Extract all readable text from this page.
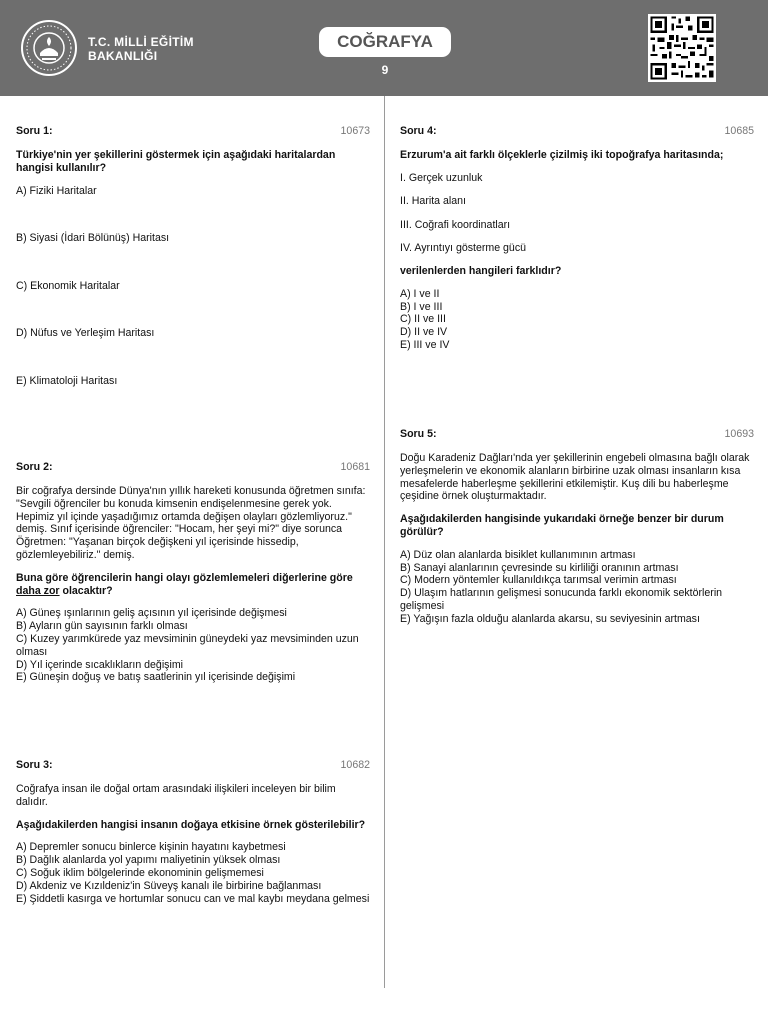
T.C. MİLLİ EĞİTİM
BAKANLIĞI
COĞRAFYA
9
Soru 1:	10673

Türkiye'nin yer şekillerini göstermek için aşağıdaki haritalardan hangisi kullanılır?

A) Fiziki Haritalar
B) Siyasi (İdari Bölünüş) Haritası
C) Ekonomik Haritalar
D) Nüfus ve Yerleşim Haritası
E) Klimatoloji Haritası
Soru 2:	10681

Bir coğrafya dersinde Dünya'nın yıllık hareketi konusunda öğretmen sınıfa: "Sevgili öğrenciler bu konuda kimsenin endişelenmesine gerek yok. Hepimiz yıl içinde yaşadığımız ortamda değişen olayları gözlemliyoruz." demiş. Sınıf içerisinde öğrenciler: "Hocam, her şeyi mi?" diye sorunca Öğretmen: "Yaşanan birçok değişkeni yıl içerisinde hissedip, gözlemleyebiliriz." demiş.

Buna göre öğrencilerin hangi olayı gözlemlemeleri diğerlerine göre daha zor olacaktır?

A) Güneş ışınlarının geliş açısının yıl içerisinde değişmesi
B) Ayların gün sayısının farklı olması
C) Kuzey yarımkürede yaz mevsiminin güneydeki yaz mevsiminden uzun olması
D) Yıl içerinde sıcaklıkların değişimi
E) Güneşin doğuş ve batış saatlerinin yıl içerisinde değişimi
Soru 3:	10682

Coğrafya insan ile doğal ortam arasındaki ilişkileri inceleyen bir bilim dalıdır.

Aşağıdakilerden hangisi insanın doğaya etkisine örnek gösterilebilir?

A) Depremler sonucu binlerce kişinin hayatını kaybetmesi
B) Dağlık alanlarda yol yapımı maliyetinin yüksek olması
C) Soğuk iklim bölgelerinde ekonominin gelişmemesi
D) Akdeniz ve Kızıldeniz'in Süveyş kanalı ile birbirine bağlanması
E) Şiddetli kasırga ve hortumlar sonucu can ve mal kaybı meydana gelmesi
Soru 4:	10685

Erzurum'a ait farklı ölçeklerle çizilmiş iki topoğrafya haritasında;

I. Gerçek uzunluk
II. Harita alanı
III. Coğrafi koordinatları
IV. Ayrıntıyı gösterme gücü

verilenlerden hangileri farklıdır?

A) I ve II
B) I ve III
C) II ve III
D) II ve IV
E) III ve IV
Soru 5:	10693

Doğu Karadeniz Dağları'nda yer şekillerinin engebeli olmasına bağlı olarak yerleşmelerin ve ekonomik alanların birbirine uzak olması insanların kısa mesafelerde haberleşme şekillerini etkilemiştir. Kuş dili bu haberleşme çeşidine örnek oluşturmaktadır.

Aşağıdakilerden hangisinde yukarıdaki örneğe benzer bir durum görülür?

A) Düz olan alanlarda bisiklet kullanımının artması
B) Sanayi alanlarının çevresinde su kirliliği oranının artması
C) Modern yöntemler kullanıldıkça tarımsal verimin artması
D) Ulaşım hatlarının gelişmesi sonucunda farklı ekonomik sektörlerin gelişmesi
E) Yağışın fazla olduğu alanlarda akarsu, su seviyesinin artması
